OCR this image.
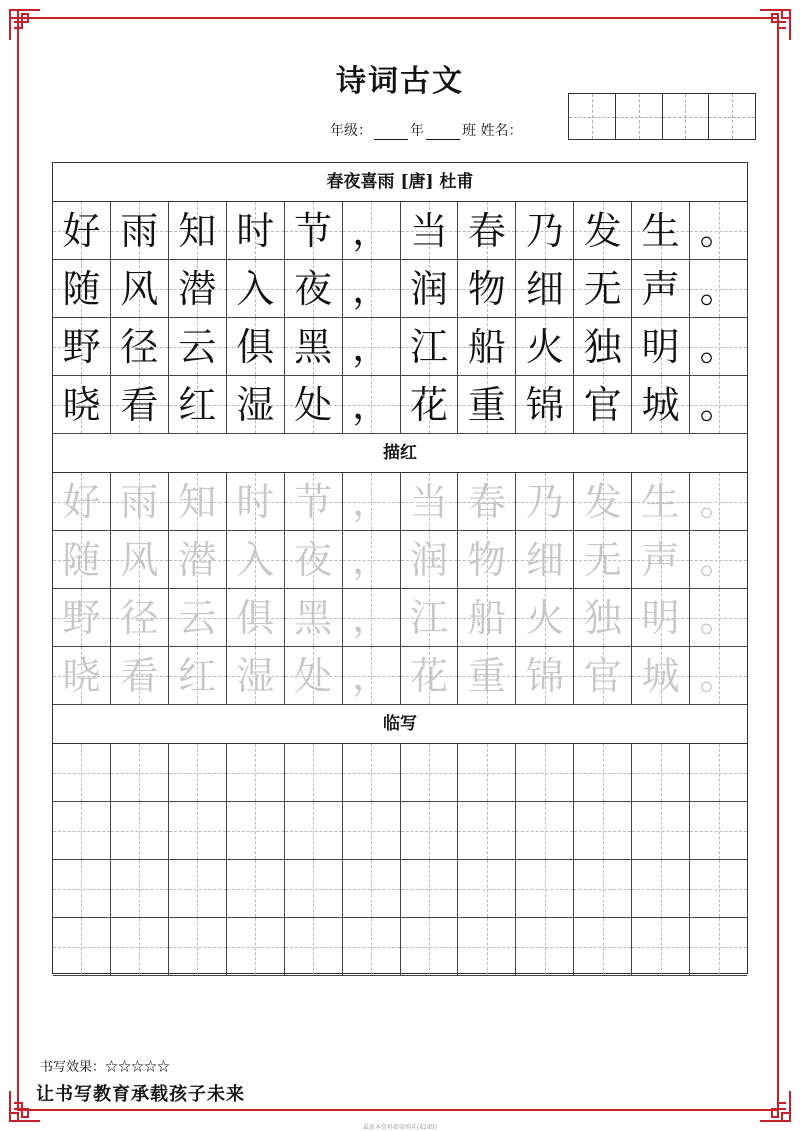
诗词古文
年级：	年	班 姓名：
春夜喜雨 [唐] 杜甫
好 雨 知 时 节 ， 当 春 乃 发 生 。
随 风 潜 入 夜 ， 润 物 细 无 声 。
野 径 云 俱 黑 ， 江 船 火 独 明 。
晓 看 红 湿 处 ， 花 重 锦 官 城 。
描红
好 雨 知 时 节 ， 当 春 乃 发 生 。
随 风 潜 入 夜 ， 润 物 细 无 声 。
野 径 云 俱 黑 ， 江 船 火 独 明 。
晓 看 红 湿 处 ， 花 重 锦 官 城 。
临写
书写效果：☆☆☆☆☆
让书写教育承载孩子未来
最新本资料如需购买(4249)
